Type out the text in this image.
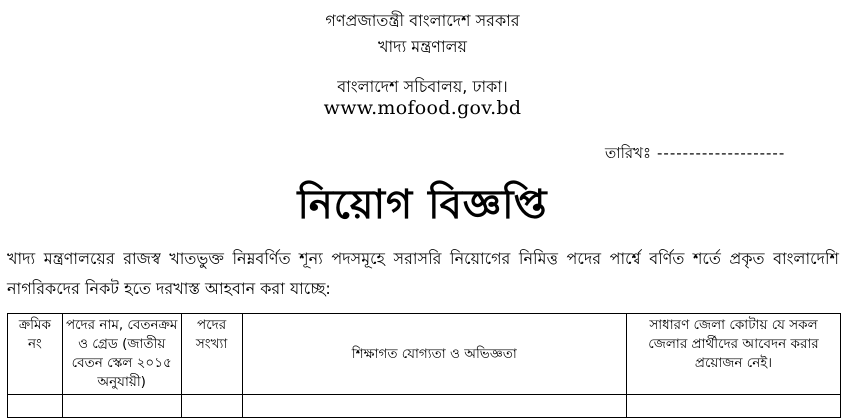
গণপ্রজাতন্ত্রী বাংলাদেশ সরকার
খাদ্য মন্ত্রণালয়
বাংলাদেশ সচিবালয়, ঢাকা।
www.mofood.gov.bd
তারিখঃ --------------------
নিয়োগ বিজ্ঞপ্তি
খাদ্য মন্ত্রণালয়ের রাজস্ব খাতভুক্ত নিম্নবর্ণিত শূন্য পদসমূহে সরাসরি নিয়োগের নিমিত্ত পদের পার্শ্বে বর্ণিত শর্তে প্রকৃত বাংলাদেশি নাগরিকদের নিকট হতে দরখাস্ত আহবান করা যাচ্ছে:
ক্রমিক নং	পদের নাম, বেতনক্রম ও গ্রেড (জাতীয় বেতন স্কেল ২০১৫ অনুযায়ী)	পদের সংখ্যা	শিক্ষাগত যোগ্যতা ও অভিজ্ঞতা	সাধারণ জেলা কোটায় যে সকল জেলার প্রার্থীদের আবেদন করার প্রয়োজন নেই।
